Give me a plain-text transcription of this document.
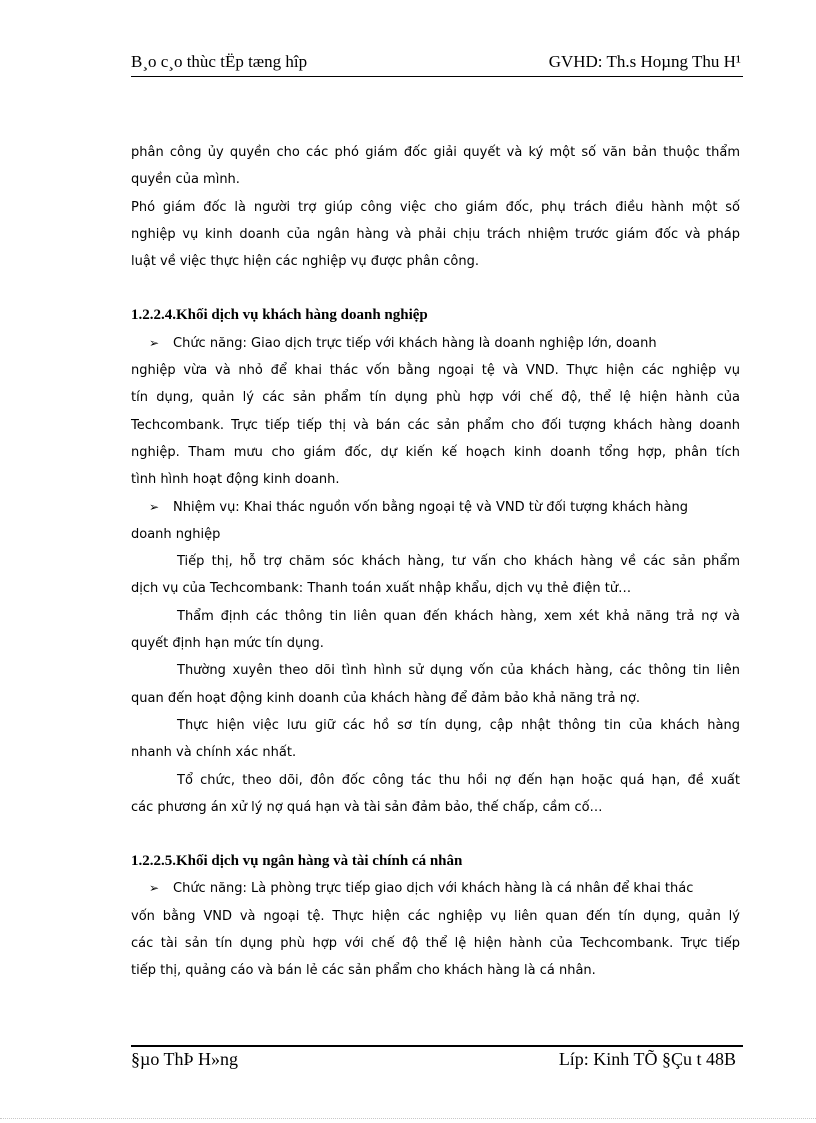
B¸o c¸o thùc tËp tæng hîp	GVHD: Th.s Hoµng Thu H¹
phân công ủy quyền cho các phó giám đốc giải quyết và ký một số văn bản thuộc thẩm
quyền của mình.
Phó giám đốc là người trợ giúp công việc cho giám đốc, phụ trách điều hành một số
nghiệp vụ kinh doanh của ngân hàng và phải chịu trách nhiệm trước giám đốc và pháp
luật về việc thực hiện các nghiệp vụ được phân công.
1.2.2.4.Khối dịch vụ khách hàng doanh nghiệp
➢ Chức năng: Giao dịch trực tiếp với khách hàng là doanh nghiệp lớn, doanh
nghiệp vừa và nhỏ để khai thác vốn bằng ngoại tệ và VND. Thực hiện các nghiệp vụ
tín dụng, quản lý các sản phẩm tín dụng phù hợp với chế độ, thể lệ hiện hành của
Techcombank. Trực tiếp tiếp thị và bán các sản phẩm cho đối tượng khách hàng doanh
nghiệp. Tham mưu cho giám đốc, dự kiến kế hoạch kinh doanh tổng hợp, phân tích
tình hình hoạt động kinh doanh.
➢ Nhiệm vụ: Khai thác nguồn vốn bằng ngoại tệ và VND từ đối tượng khách hàng
doanh nghiệp
Tiếp thị, hỗ trợ chăm sóc khách hàng, tư vấn cho khách hàng về các sản phẩm
dịch vụ của Techcombank: Thanh toán xuất nhập khẩu, dịch vụ thẻ điện tử…
Thẩm định các thông tin liên quan đến khách hàng, xem xét khả năng trả nợ và
quyết định hạn mức tín dụng.
Thường xuyên theo dõi tình hình sử dụng vốn của khách hàng, các thông tin liên
quan đến hoạt động kinh doanh của khách hàng để đảm bảo khả năng trả nợ.
Thực hiện việc lưu giữ các hồ sơ tín dụng, cập nhật thông tin của khách hàng
nhanh và chính xác nhất.
Tổ chức, theo dõi, đôn đốc công tác thu hồi nợ đến hạn hoặc quá hạn, đề xuất
các phương án xử lý nợ quá hạn và tài sản đảm bảo, thế chấp, cầm cố…
1.2.2.5.Khối dịch vụ ngân hàng và tài chính cá nhân
➢ Chức năng: Là phòng trực tiếp giao dịch với khách hàng là cá nhân để khai thác
vốn bằng VND và ngoại tệ. Thực hiện các nghiệp vụ liên quan đến tín dụng, quản lý
các tài sản tín dụng phù hợp với chế độ thể lệ hiện hành của Techcombank. Trực tiếp
tiếp thị, quảng cáo và bán lẻ các sản phẩm cho khách hàng là cá nhân.
§µo ThÞ H»ng	Líp: Kinh TÕ §Çu t 48B
